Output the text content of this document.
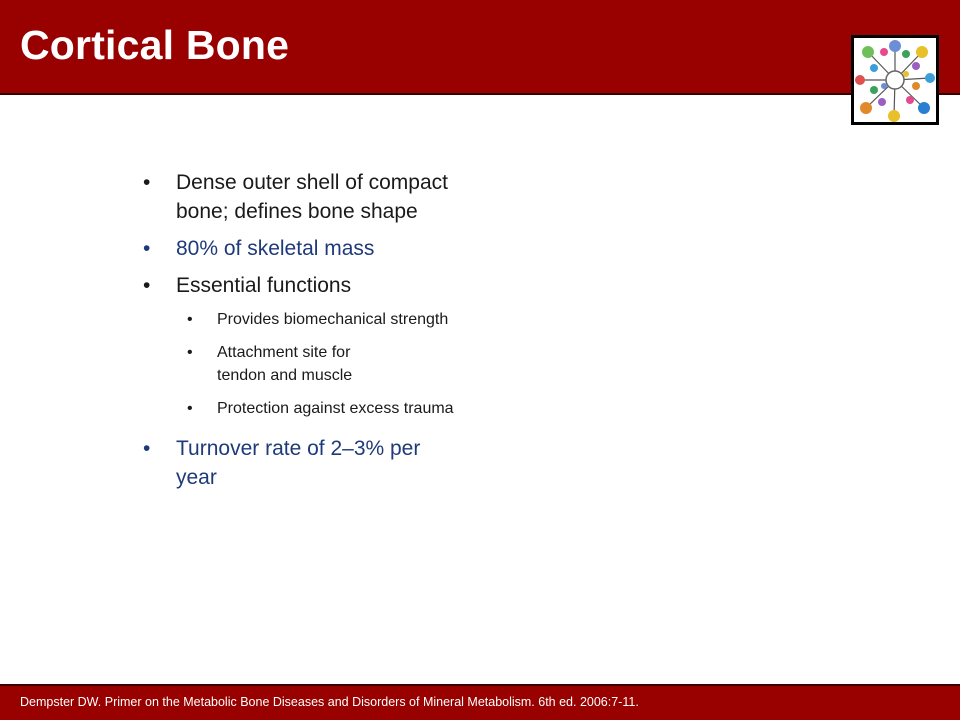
Cortical Bone
• Dense outer shell of compact bone; defines bone shape
• 80% of skeletal mass
• Essential functions
• Provides biomechanical strength
• Attachment site for tendon and muscle
• Protection against excess trauma
• Turnover rate of 2–3% per year
Dempster DW. Primer on the Metabolic Bone Diseases and Disorders of Mineral Metabolism. 6th ed. 2006:7-11.
